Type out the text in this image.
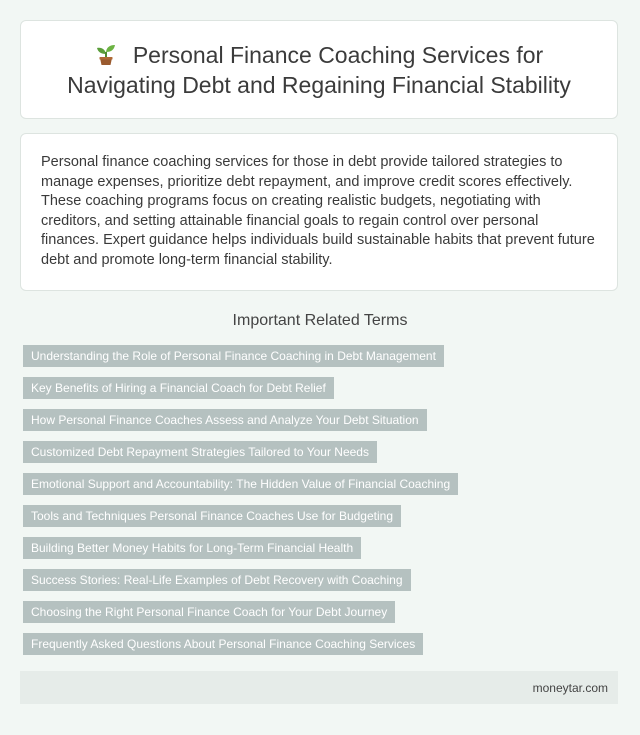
Personal Finance Coaching Services for Navigating Debt and Regaining Financial Stability

Personal finance coaching services for those in debt provide tailored strategies to manage expenses, prioritize debt repayment, and improve credit scores effectively. These coaching programs focus on creating realistic budgets, negotiating with creditors, and setting attainable financial goals to regain control over personal finances. Expert guidance helps individuals build sustainable habits that prevent future debt and promote long-term financial stability.

Important Related Terms
Understanding the Role of Personal Finance Coaching in Debt Management
Key Benefits of Hiring a Financial Coach for Debt Relief
How Personal Finance Coaches Assess and Analyze Your Debt Situation
Customized Debt Repayment Strategies Tailored to Your Needs
Emotional Support and Accountability: The Hidden Value of Financial Coaching
Tools and Techniques Personal Finance Coaches Use for Budgeting
Building Better Money Habits for Long-Term Financial Health
Success Stories: Real-Life Examples of Debt Recovery with Coaching
Choosing the Right Personal Finance Coach for Your Debt Journey
Frequently Asked Questions About Personal Finance Coaching Services
moneytar.com
